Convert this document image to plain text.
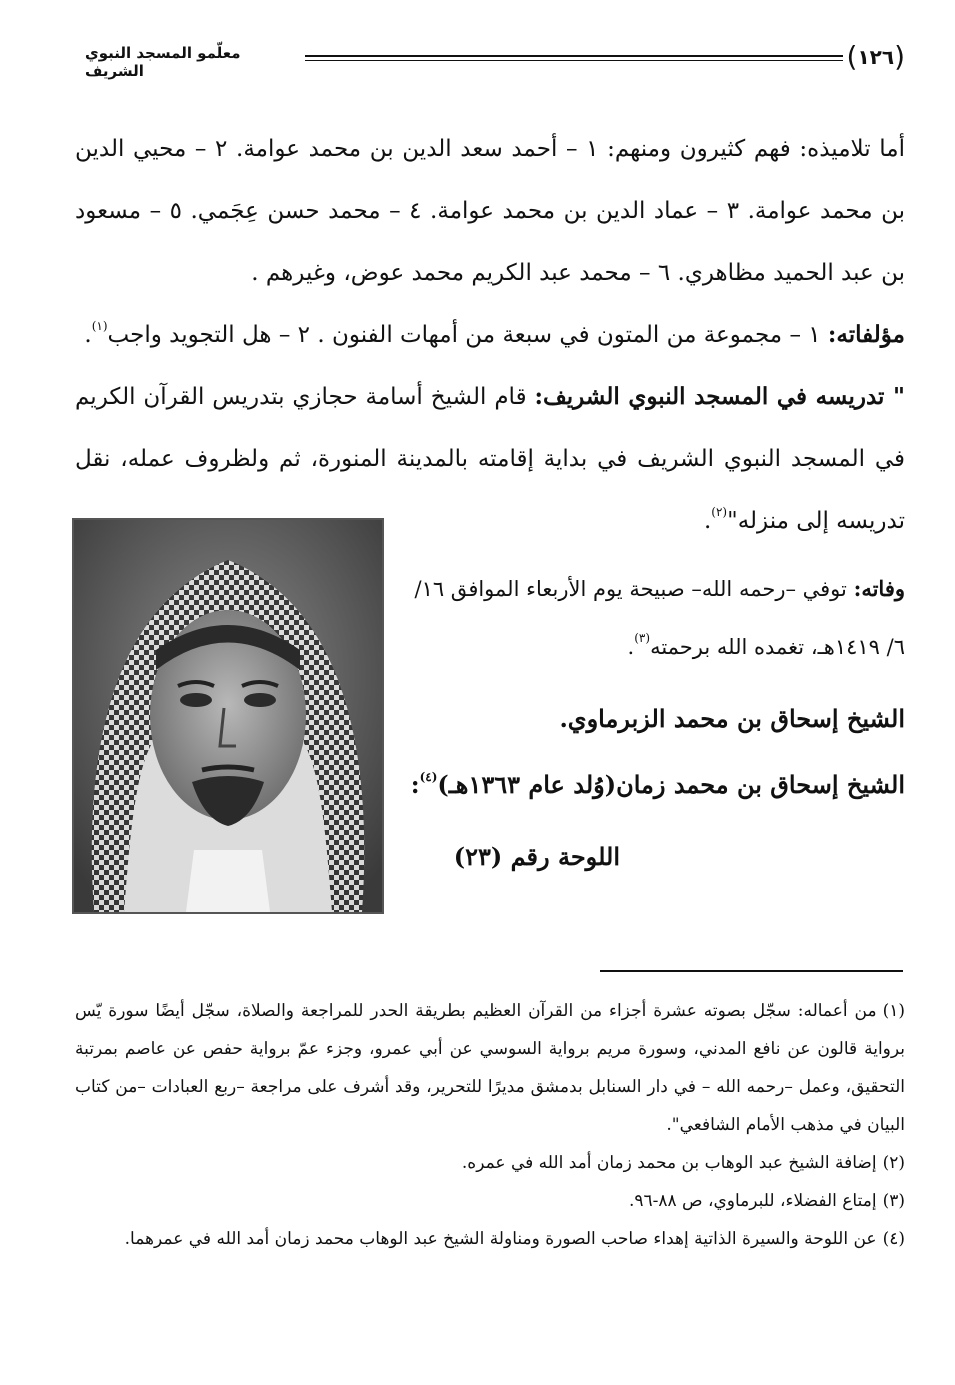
(١٢٦)
معلّمو المسجد النبوي الشريف

أما تلاميذه: فهم كثيرون ومنهم: ١ – أحمد سعد الدين بن محمد عوامة. ٢ – محيي الدين بن محمد عوامة. ٣ – عماد الدين بن محمد عوامة. ٤ – محمد حسن عِجَمي. ٥ – مسعود بن عبد الحميد مظاهري. ٦ – محمد عبد الكريم محمد عوض، وغيرهم .

مؤلفاته: ١ – مجموعة من المتون في سبعة من أمهات الفنون . ٢ – هل التجويد واجب$^{(١)}$.

" تدريسه في المسجد النبوي الشريف: قام الشيخ أسامة حجازي بتدريس القرآن الكريم في المسجد النبوي الشريف في بداية إقامته بالمدينة المنورة، ثم ولظروف عمله، نقل تدريسه إلى منزله"$^{(٢)}$.

وفاته: توفي –رحمه الله– صبيحة يوم الأربعاء الموافق ١٦/ ٦/ ١٤١٩هـ، تغمده الله برحمته$^{(٣)}$.

الشيخ إسحاق بن محمد الزبرماوي.

الشيخ إسحاق بن محمد زمان(وُلد عام ١٣٦٣هـ)$^{(٤)}$:

اللوحة رقم (٢٣)

(١)من أعماله: سجّل بصوته عشرة أجزاء من القرآن العظيم بطريقة الحدر للمراجعة والصلاة، سجّل أيضًا سورة يّس برواية قالون عن نافع المدني، وسورة مريم برواية السوسي عن أبي عمرو، وجزء عمّ برواية حفص عن عاصم بمرتبة التحقيق، وعمل –رحمه الله – في دار السنابل بدمشق مديرًا للتحرير، وقد أشرف على مراجعة –ربع العبادات –من كتاب البيان في مذهب الأمام الشافعي".

(٢)إضافة الشيخ عبد الوهاب بن محمد زمان أمد الله في عمره.

(٣)إمتاع الفضلاء، للبرماوي، ص ٨٨-٩٦.

(٤)عن اللوحة والسيرة الذاتية إهداء صاحب الصورة ومناولة الشيخ عبد الوهاب محمد زمان أمد الله في عمرهما.
